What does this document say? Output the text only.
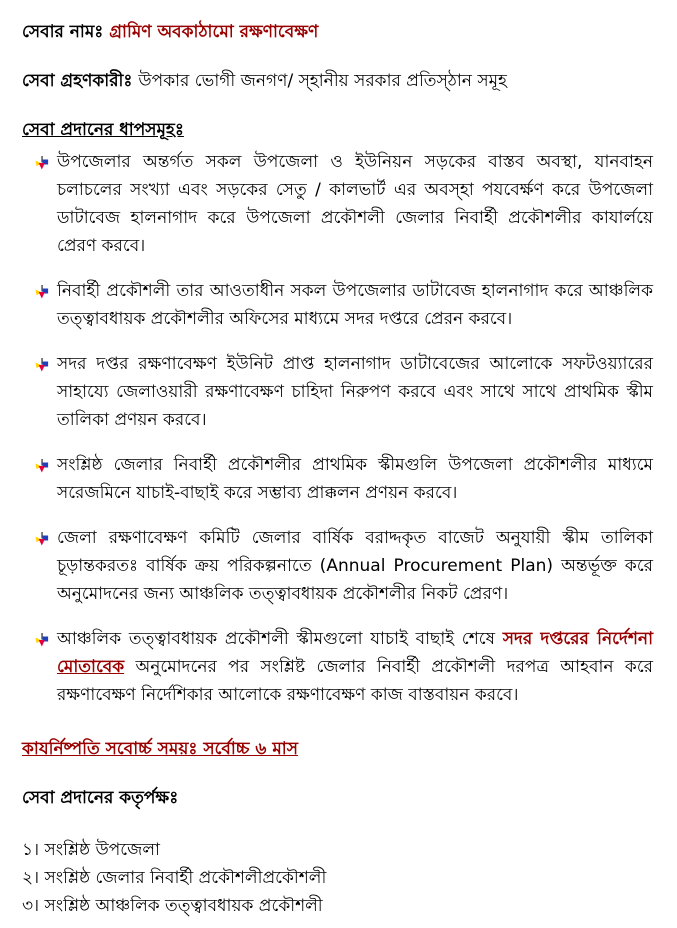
সেবার নামঃ গ্রামিণ অবকাঠামো রক্ষণাবেক্ষণ

সেবা গ্রহণকারীঃ উপকার ভোগী জনগণ/ স্হানীয় সরকার প্রতিস্ঠান সমূহ

সেবা প্রদানের ধাপসমূহঃ

উপজেলার অন্তর্গত সকল উপজেলা ও ইউনিয়ন সড়কের বাস্তব অবস্থা, যানবাহন চলাচলের সংখ্যা এবং সড়কের সেতু / কালভার্ট এর অবস্হা পযবের্ক্ষণ করে উপজেলা ডাটাবেজ হালনাগাদ করে উপজেলা প্রকৌশলী জেলার নিবার্হী প্রকৌশলীর কাযার্লয়ে প্রেরণ করবে।
নিবার্হী প্রকৌশলী তার আওতাধীন সকল উপজেলার ডাটাবেজ হালনাগাদ করে আঞ্চলিক তত্ত্বাবধায়ক প্রকৌশলীর অফিসের মাধ্যমে সদর দপ্তরে প্রেরন করবে।
সদর দপ্তর রক্ষণাবেক্ষণ ইউনিট প্রাপ্ত হালনাগাদ ডাটাবেজের আলোকে সফটওয়্যারের সাহায্যে জেলাওয়ারী রক্ষণাবেক্ষণ চাহিদা নিরুপণ করবে এবং সাথে সাথে প্রাথমিক স্কীম তালিকা প্রণয়ন করবে।
সংশ্লিষ্ঠ জেলার নিবার্হী প্রকৌশলীর প্রাথমিক স্কীমগুলি উপজেলা প্রকৌশলীর মাধ্যমে সরেজমিনে যাচাই-বাছাই করে সম্ভাব্য প্রাক্কলন প্রণয়ন করবে।
জেলা রক্ষণাবেক্ষণ কমিটি জেলার বার্ষিক বরাদ্দকৃত বাজেট অনুযায়ী স্কীম তালিকা চূড়ান্তকরতঃ বার্ষিক ক্রয় পরিকল্পনাতে (Annual Procurement Plan) অন্তর্ভূক্ত করে অনুমোদনের জন্য আঞ্চলিক তত্ত্বাবধায়ক প্রকৌশলীর নিকট প্রেরণ।
আঞ্চলিক তত্ত্বাবধায়ক প্রকৌশলী স্কীমগুলো যাচাই বাছাই শেষে সদর দপ্তরের নির্দেশনা মোতাবেক অনুমোদনের পর সংশ্লিষ্ট জেলার নিবার্হী প্রকৌশলী দরপত্র আহবান করে রক্ষণাবেক্ষণ নির্দেশিকার আলোকে রক্ষণাবেক্ষণ কাজ বাস্তবায়ন করবে।

কাযর্নিষ্পতি সবোর্চ্চ সময়ঃ সর্বোচ্চ ৬ মাস

সেবা প্রদানের কতৃর্পক্ষঃ

১। সংশ্লিষ্ঠ উপজেলা
২। সংশ্লিষ্ঠ জেলার নিবার্হী প্রকৌশলীপ্রকৌশলী
৩। সংশ্লিষ্ঠ আঞ্চলিক তত্ত্বাবধায়ক প্রকৌশলী
